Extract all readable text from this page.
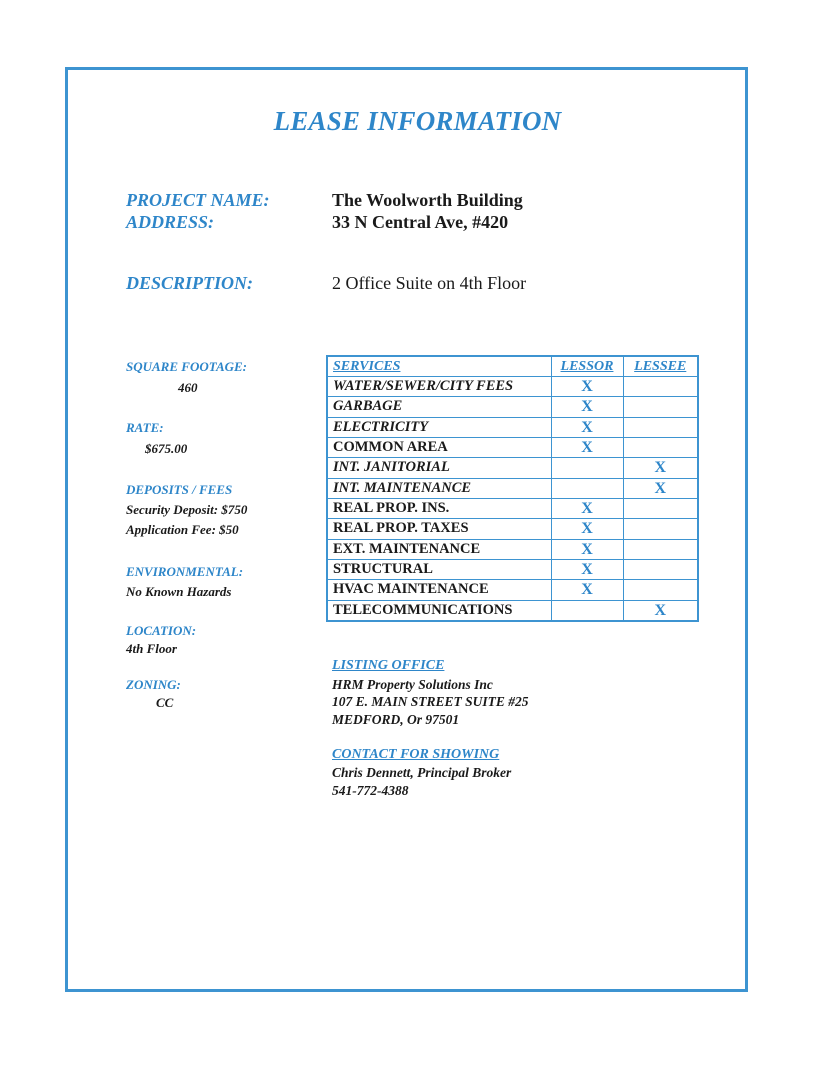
LEASE INFORMATION
PROJECT NAME:	The Woolworth Building
ADDRESS:	33 N Central Ave, #420
DESCRIPTION:	2 Office Suite on 4th Floor
SQUARE FOOTAGE:
460
RATE:
$675.00
DEPOSITS / FEES
Security Deposit: $750
Application Fee: $50
ENVIRONMENTAL:
No Known Hazards
LOCATION:
4th Floor
ZONING:
CC
SERVICES	LESSOR	LESSEE
WATER/SEWER/CITY FEES	X	
GARBAGE	X	
ELECTRICITY	X	
COMMON AREA	X	
INT. JANITORIAL		X
INT. MAINTENANCE		X
REAL PROP. INS.	X	
REAL PROP. TAXES	X	
EXT. MAINTENANCE	X	
STRUCTURAL	X	
HVAC MAINTENANCE	X	
TELECOMMUNICATIONS		X
LISTING OFFICE
HRM Property Solutions Inc
107 E. MAIN STREET SUITE #25
MEDFORD, Or 97501
CONTACT FOR SHOWING
Chris Dennett, Principal Broker
541-772-4388
